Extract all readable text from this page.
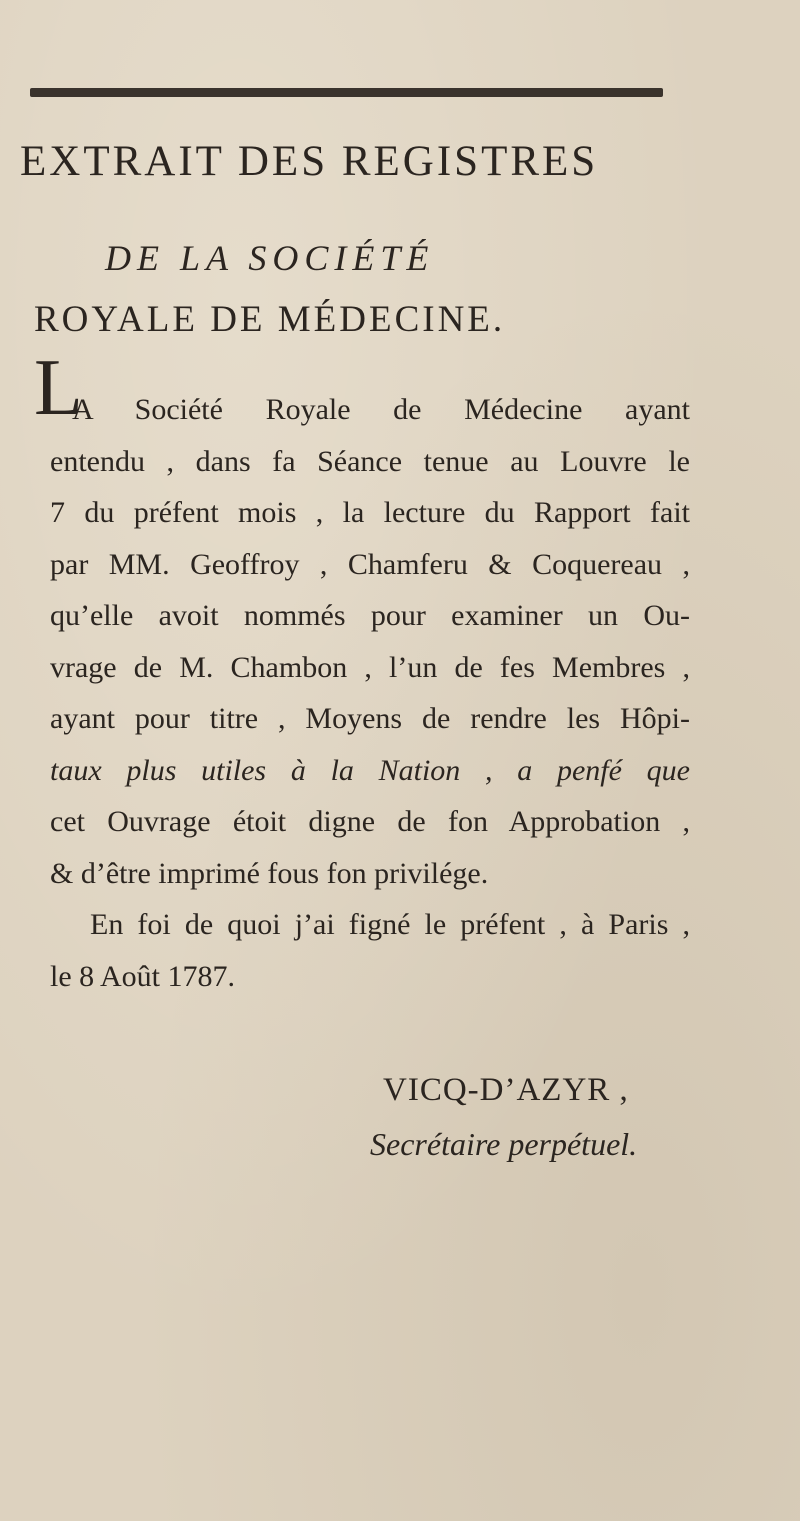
EXTRAIT DES REGISTRES
DE LA SOCIÉTÉ
ROYALE DE MÉDECINE.
L
A Société Royale de Médecine ayant
entendu , dans fa Séance tenue au Louvre le
7 du préfent mois , la lecture du Rapport fait
par MM. Geoffroy , Chamferu & Coquereau ,
qu’elle avoit nommés pour examiner un Ou-
vrage de M. Chambon , l’un de fes Membres ,
ayant pour titre , Moyens de rendre les Hôpi-
taux plus utiles à la Nation , a penfé que
cet Ouvrage étoit digne de fon Approbation ,
& d’être imprimé fous fon privilége.
En foi de quoi j’ai figné le préfent , à Paris ,
le 8 Août 1787.
VICQ-D’AZYR ,
Secrétaire perpétuel.
